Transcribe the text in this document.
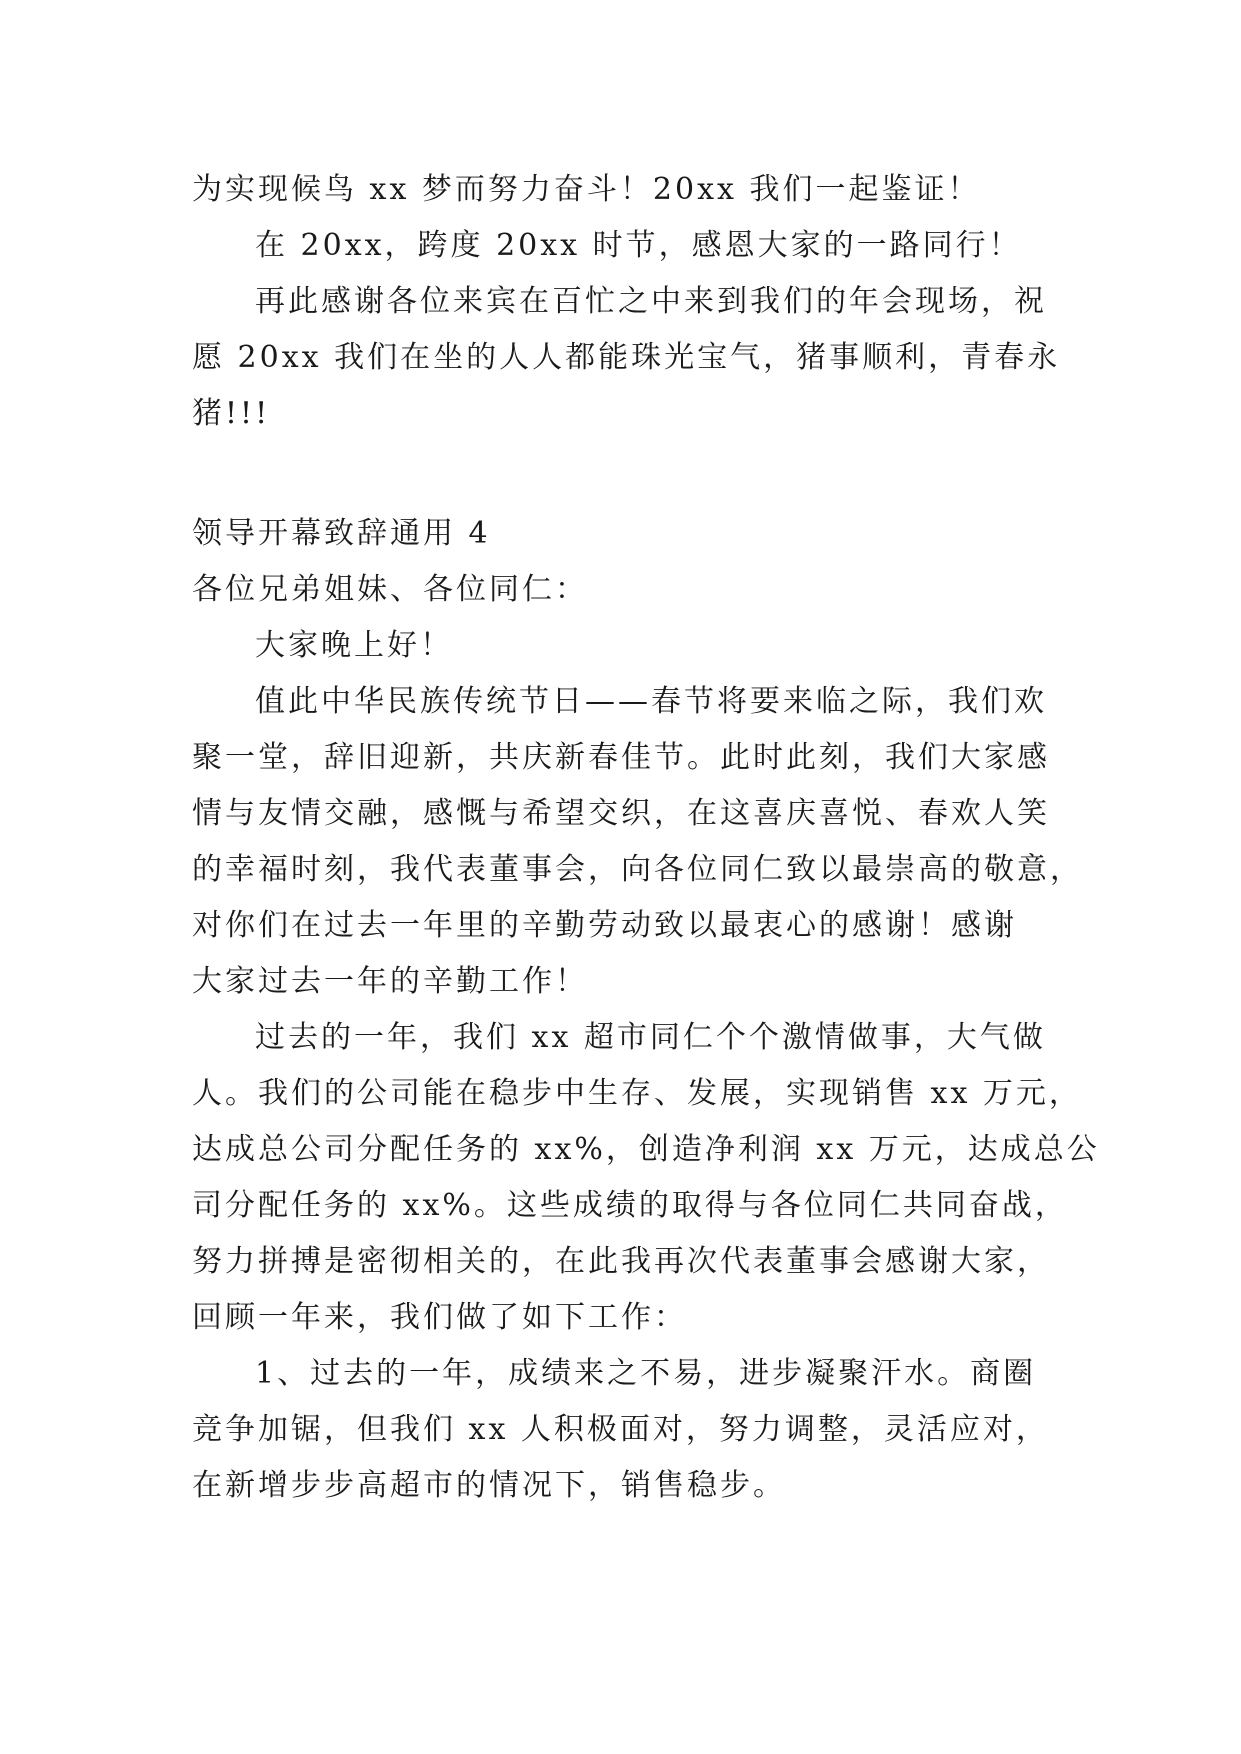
为实现候鸟 xx 梦而努力奋斗！20xx 我们一起鉴证！
在 20xx，跨度 20xx 时节，感恩大家的一路同行！
再此感谢各位来宾在百忙之中来到我们的年会现场，祝
愿 20xx 我们在坐的人人都能珠光宝气，猪事顺利，青春永
猪!!!
领导开幕致辞通用 4
各位兄弟姐妹、各位同仁：
大家晚上好！
值此中华民族传统节日——春节将要来临之际，我们欢
聚一堂，辞旧迎新，共庆新春佳节。此时此刻，我们大家感
情与友情交融，感慨与希望交织，在这喜庆喜悦、春欢人笑
的幸福时刻，我代表董事会，向各位同仁致以最崇高的敬意，
对你们在过去一年里的辛勤劳动致以最衷心的感谢！感谢
大家过去一年的辛勤工作！
过去的一年，我们 xx 超市同仁个个激情做事，大气做
人。我们的公司能在稳步中生存、发展，实现销售 xx 万元，
达成总公司分配任务的 xx%，创造净利润 xx 万元，达成总公
司分配任务的 xx%。这些成绩的取得与各位同仁共同奋战，
努力拼搏是密彻相关的，在此我再次代表董事会感谢大家，
回顾一年来，我们做了如下工作：
1、过去的一年，成绩来之不易，进步凝聚汗水。商圈
竞争加锯，但我们 xx 人积极面对，努力调整，灵活应对，
在新增步步高超市的情况下，销售稳步。
